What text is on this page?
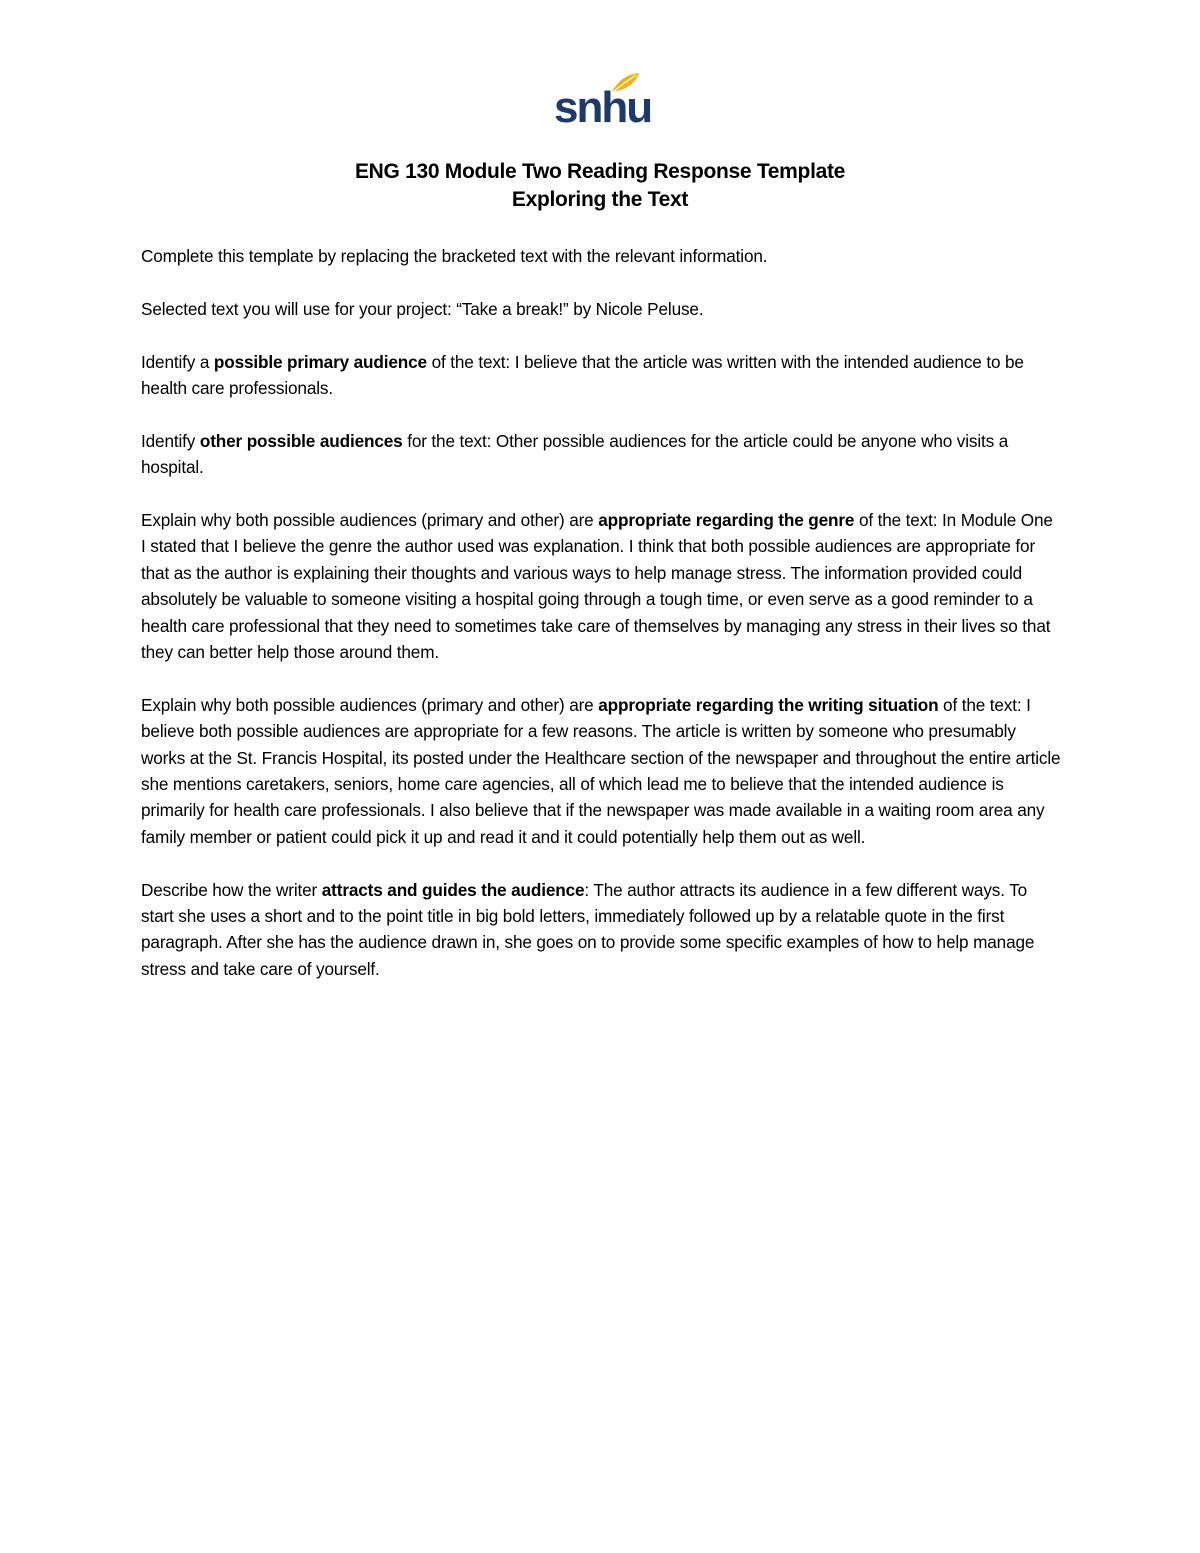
snhu
ENG 130 Module Two Reading Response Template
Exploring the Text

Complete this template by replacing the bracketed text with the relevant information.

Selected text you will use for your project: “Take a break!” by Nicole Peluse.

Identify a possible primary audience of the text: I believe that the article was written with the intended audience to be health care professionals.

Identify other possible audiences for the text: Other possible audiences for the article could be anyone who visits a hospital.

Explain why both possible audiences (primary and other) are appropriate regarding the genre of the text: In Module One I stated that I believe the genre the author used was explanation. I think that both possible audiences are appropriate for that as the author is explaining their thoughts and various ways to help manage stress. The information provided could absolutely be valuable to someone visiting a hospital going through a tough time, or even serve as a good reminder to a health care professional that they need to sometimes take care of themselves by managing any stress in their lives so that they can better help those around them.

Explain why both possible audiences (primary and other) are appropriate regarding the writing situation of the text: I believe both possible audiences are appropriate for a few reasons. The article is written by someone who presumably works at the St. Francis Hospital, its posted under the Healthcare section of the newspaper and throughout the entire article she mentions caretakers, seniors, home care agencies, all of which lead me to believe that the intended audience is primarily for health care professionals. I also believe that if the newspaper was made available in a waiting room area any family member or patient could pick it up and read it and it could potentially help them out as well.

Describe how the writer attracts and guides the audience: The author attracts its audience in a few different ways. To start she uses a short and to the point title in big bold letters, immediately followed up by a relatable quote in the first paragraph. After she has the audience drawn in, she goes on to provide some specific examples of how to help manage stress and take care of yourself.
